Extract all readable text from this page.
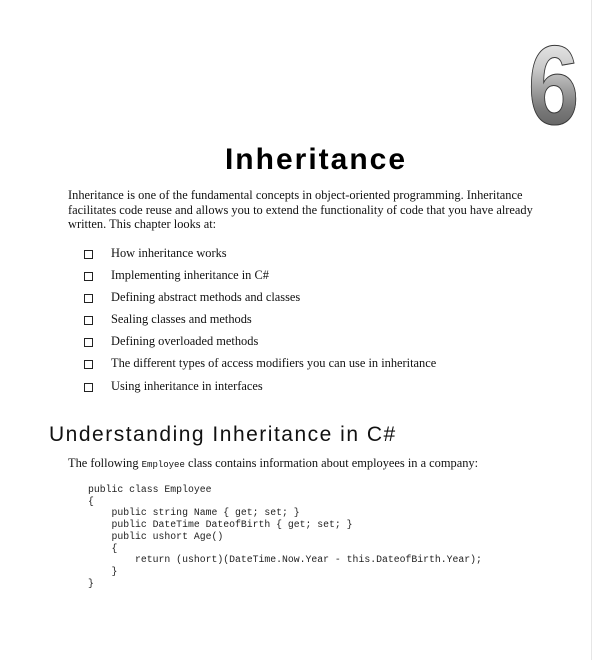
6
Inheritance

Inheritance is one of the fundamental concepts in object-oriented programming. Inheritance facilitates code reuse and allows you to extend the functionality of code that you have already written. This chapter looks at:

How inheritance works
Implementing inheritance in C#
Defining abstract methods and classes
Sealing classes and methods
Defining overloaded methods
The different types of access modifiers you can use in inheritance
Using inheritance in interfaces
Understanding Inheritance in C#

The following Employee class contains information about employees in a company:

public class Employee
{
public string Name { get; set; }
public DateTime DateofBirth { get; set; }
public ushort Age()
{
return (ushort)(DateTime.Now.Year - this.DateofBirth.Year);
}
}
